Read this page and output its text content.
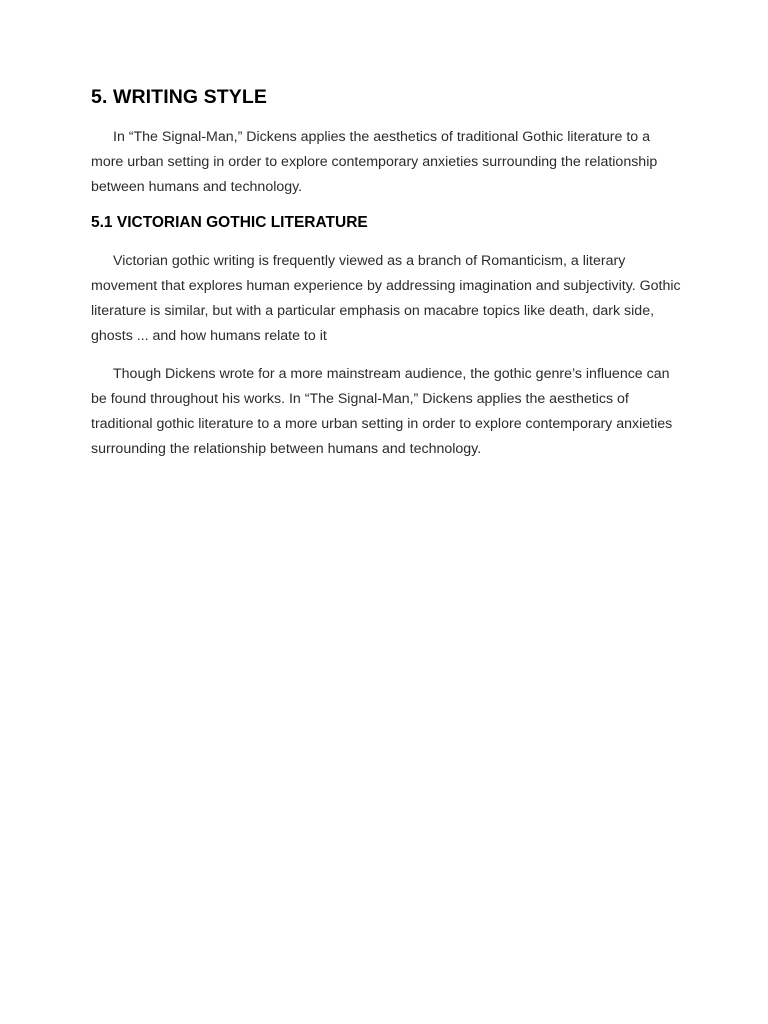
5. WRITING STYLE

In “The Signal-Man,” Dickens applies the aesthetics of traditional Gothic literature to a more urban setting in order to explore contemporary anxieties surrounding the relationship between humans and technology.

5.1 VICTORIAN GOTHIC LITERATURE

Victorian gothic writing is frequently viewed as a branch of Romanticism, a literary movement that explores human experience by addressing imagination and subjectivity. Gothic literature is similar, but with a particular emphasis on macabre topics like death, dark side, ghosts ... and how humans relate to it

Though Dickens wrote for a more mainstream audience, the gothic genre’s influence can be found throughout his works. In “The Signal-Man,” Dickens applies the aesthetics of traditional gothic literature to a more urban setting in order to explore contemporary anxieties surrounding the relationship between humans and technology.
